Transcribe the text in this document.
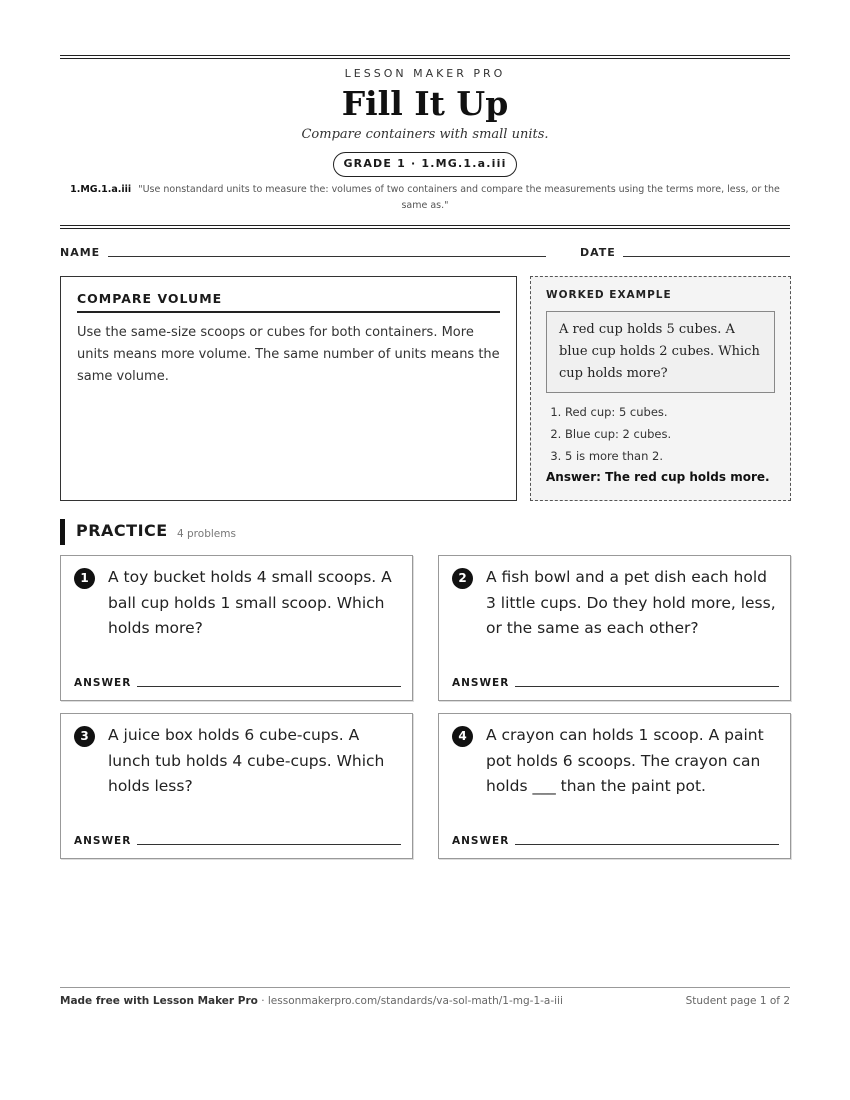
LESSON MAKER PRO
Fill It Up
Compare containers with small units.
GRADE 1 · 1.MG.1.a.iii
1.MG.1.a.iii "Use nonstandard units to measure the: volumes of two containers and compare the measurements using the terms more, less, or the same as."
NAME	DATE
COMPARE VOLUME

Use the same-size scoops or cubes for both containers. More units means more volume. The same number of units means the same volume.

WORKED EXAMPLE
A red cup holds 5 cubes. A blue cup holds 2 cubes. Which cup holds more?
1. Red cup: 5 cubes.
2. Blue cup: 2 cubes.
3. 5 is more than 2.
Answer: The red cup holds more.
PRACTICE 4 problems
1	A toy bucket holds 4 small scoops. A ball cup holds 1 small scoop. Which holds more?
ANSWER
2	A fish bowl and a pet dish each hold 3 little cups. Do they hold more, less, or the same as each other?
ANSWER
3	A juice box holds 6 cube-cups. A lunch tub holds 4 cube-cups. Which holds less?
ANSWER
4	A crayon can holds 1 scoop. A paint pot holds 6 scoops. The crayon can holds ___ than the paint pot.
ANSWER
Made free with Lesson Maker Pro · lessonmakerpro.com/standards/va-sol-math/1-mg-1-a-iii	Student page 1 of 2
